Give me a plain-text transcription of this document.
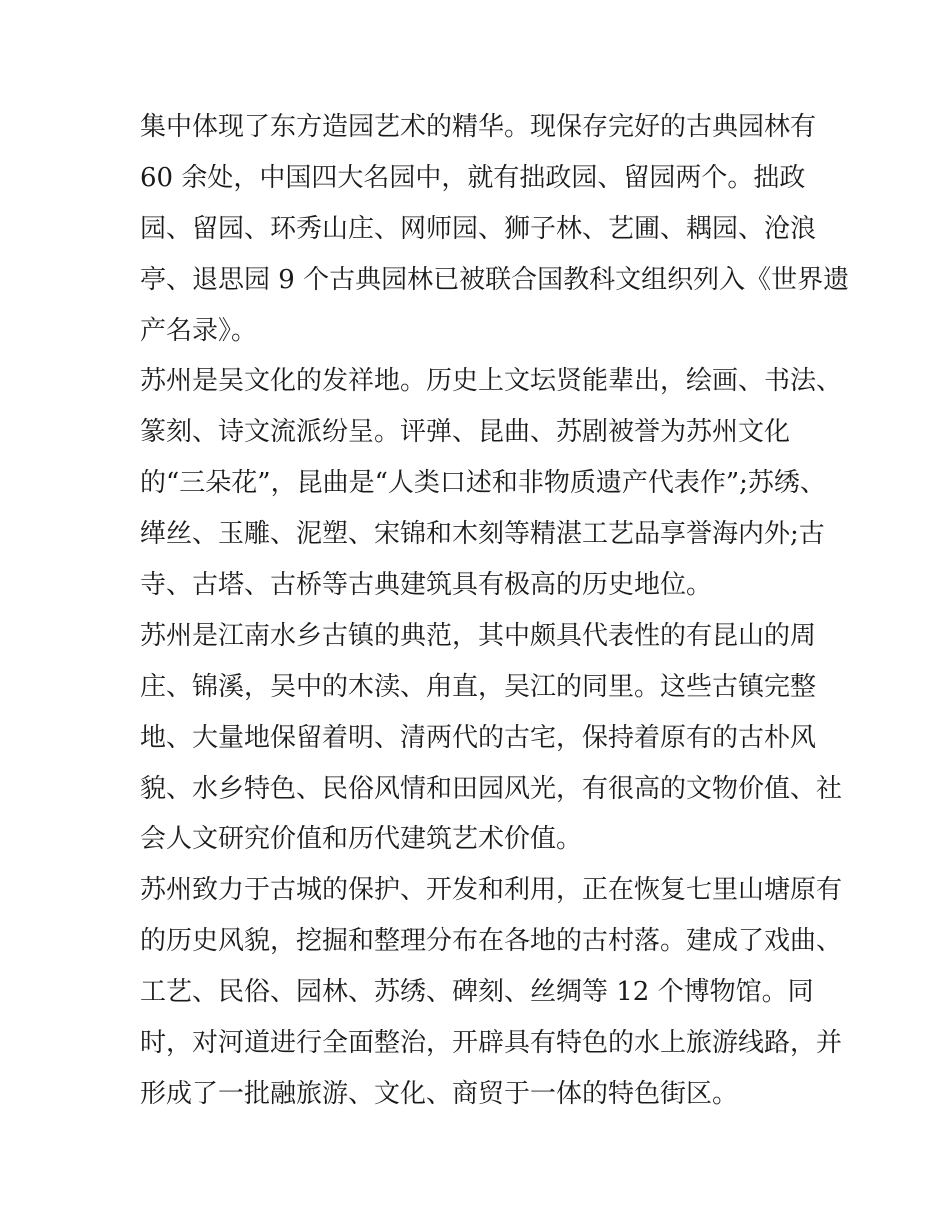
集中体现了东方造园艺术的精华。现保存完好的古典园林有
60 余处，中国四大名园中，就有拙政园、留园两个。拙政
园、留园、环秀山庄、网师园、狮子林、艺圃、耦园、沧浪
亭、退思园 9 个古典园林已被联合国教科文组织列入《世界遗
产名录》。
苏州是吴文化的发祥地。历史上文坛贤能辈出，绘画、书法、
篆刻、诗文流派纷呈。评弹、昆曲、苏剧被誉为苏州文化
的“三朵花”，昆曲是“人类口述和非物质遗产代表作”;苏绣、
缂丝、玉雕、泥塑、宋锦和木刻等精湛工艺品享誉海内外;古
寺、古塔、古桥等古典建筑具有极高的历史地位。
苏州是江南水乡古镇的典范，其中颇具代表性的有昆山的周
庄、锦溪，吴中的木渎、甪直，吴江的同里。这些古镇完整
地、大量地保留着明、清两代的古宅，保持着原有的古朴风
貌、水乡特色、民俗风情和田园风光，有很高的文物价值、社
会人文研究价值和历代建筑艺术价值。
苏州致力于古城的保护、开发和利用，正在恢复七里山塘原有
的历史风貌，挖掘和整理分布在各地的古村落。建成了戏曲、
工艺、民俗、园林、苏绣、碑刻、丝绸等 12 个博物馆。同
时，对河道进行全面整治，开辟具有特色的水上旅游线路，并
形成了一批融旅游、文化、商贸于一体的特色街区。
